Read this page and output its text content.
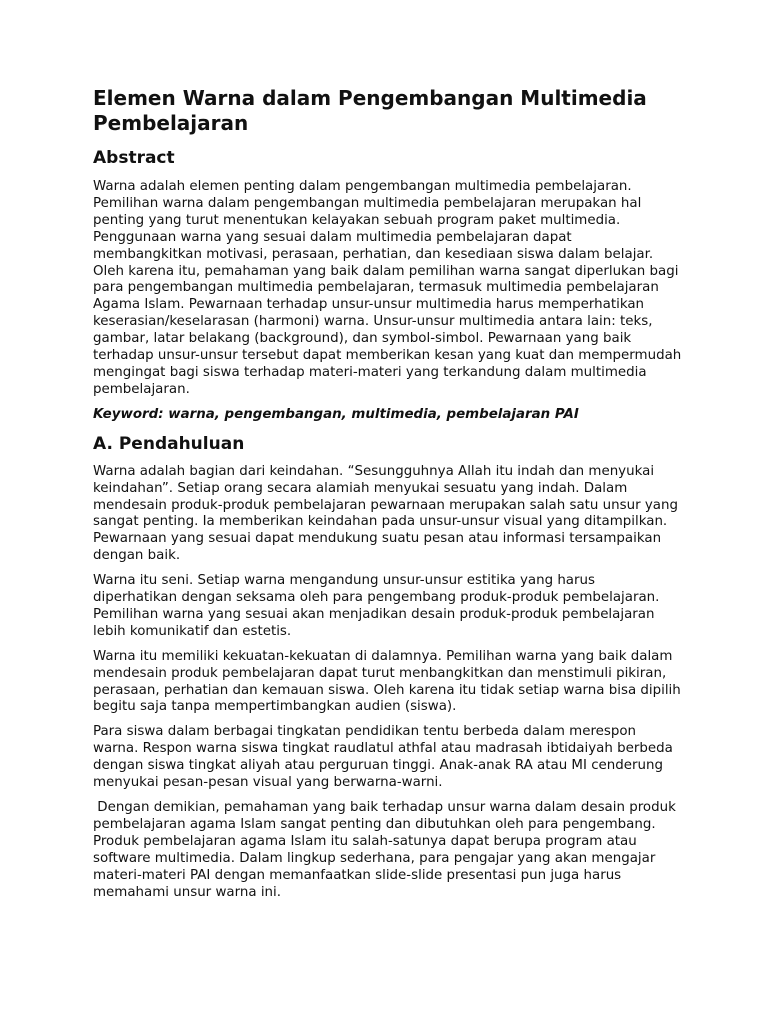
Elemen Warna dalam Pengembangan Multimedia Pembelajaran
Abstract

Warna adalah elemen penting dalam pengembangan multimedia pembelajaran. Pemilihan warna dalam pengembangan multimedia pembelajaran merupakan hal penting yang turut menentukan kelayakan sebuah program paket multimedia. Penggunaan warna yang sesuai dalam multimedia pembelajaran dapat membangkitkan motivasi, perasaan, perhatian, dan kesediaan siswa dalam belajar. Oleh karena itu, pemahaman yang baik dalam pemilihan warna sangat diperlukan bagi para pengembangan multimedia pembelajaran, termasuk multimedia pembelajaran Agama Islam. Pewarnaan terhadap unsur-unsur multimedia harus memperhatikan keserasian/keselarasan (harmoni) warna. Unsur-unsur multimedia antara lain: teks, gambar, latar belakang (background), dan symbol-simbol. Pewarnaan yang baik terhadap unsur-unsur tersebut dapat memberikan kesan yang kuat dan mempermudah mengingat bagi siswa terhadap materi-materi yang terkandung dalam multimedia pembelajaran.

Keyword: warna, pengembangan, multimedia, pembelajaran PAI

A. Pendahuluan

Warna adalah bagian dari keindahan. “Sesungguhnya Allah itu indah dan menyukai keindahan”. Setiap orang secara alamiah menyukai sesuatu yang indah. Dalam mendesain produk-produk pembelajaran pewarnaan merupakan salah satu unsur yang sangat penting. Ia memberikan keindahan pada unsur-unsur visual yang ditampilkan. Pewarnaan yang sesuai dapat mendukung suatu pesan atau informasi tersampaikan dengan baik.

Warna itu seni. Setiap warna mengandung unsur-unsur estitika yang harus diperhatikan dengan seksama oleh para pengembang produk-produk pembelajaran. Pemilihan warna yang sesuai akan menjadikan desain produk-produk pembelajaran lebih komunikatif dan estetis.

Warna itu memiliki kekuatan-kekuatan di dalamnya. Pemilihan warna yang baik dalam mendesain produk pembelajaran dapat turut menbangkitkan dan menstimuli pikiran, perasaan, perhatian dan kemauan siswa. Oleh karena itu tidak setiap warna bisa dipilih begitu saja tanpa mempertimbangkan audien (siswa).

Para siswa dalam berbagai tingkatan pendidikan tentu berbeda dalam merespon warna. Respon warna siswa tingkat raudlatul athfal atau madrasah ibtidaiyah berbeda dengan siswa tingkat aliyah atau perguruan tinggi. Anak-anak RA atau MI cenderung menyukai pesan-pesan visual yang berwarna-warni.

Dengan demikian, pemahaman yang baik terhadap unsur warna dalam desain produk pembelajaran agama Islam sangat penting dan dibutuhkan oleh para pengembang. Produk pembelajaran agama Islam itu salah-satunya dapat berupa program atau software multimedia. Dalam lingkup sederhana, para pengajar yang akan mengajar materi-materi PAI dengan memanfaatkan slide-slide presentasi pun juga harus memahami unsur warna ini.
